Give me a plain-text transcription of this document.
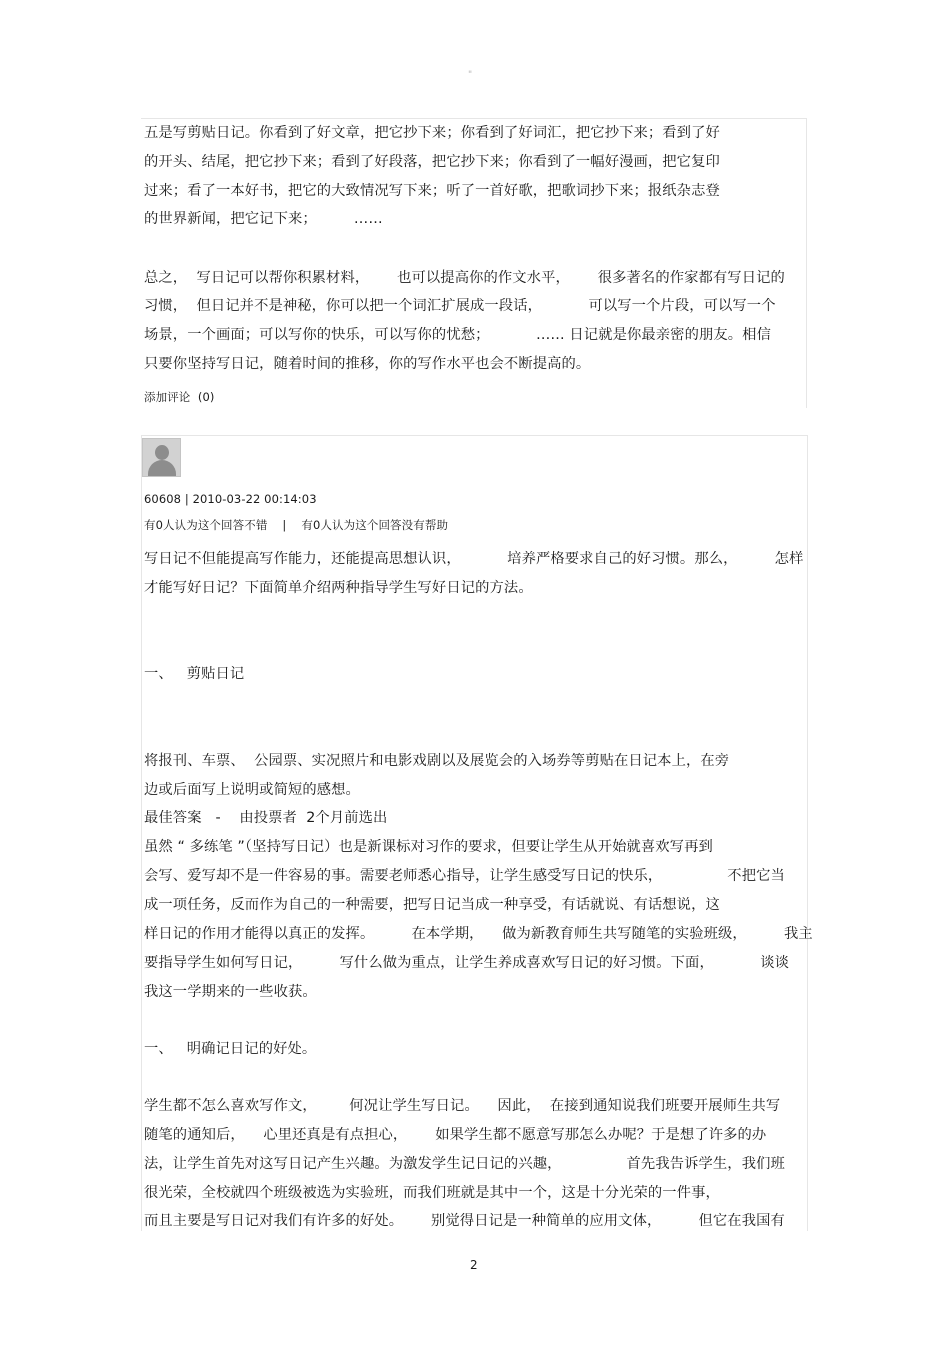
"
五是写剪贴日记。你看到了好文章，把它抄下来；你看到了好词汇，把它抄下来；看到了好
的开头、结尾，把它抄下来；看到了好段落，把它抄下来；你看到了一幅好漫画，把它复印
过来；看了一本好书，把它的大致情况写下来；听了一首好歌，把歌词抄下来；报纸杂志登
的世界新闻，把它记下来；        ……
总之，  写日记可以帮你积累材料，      也可以提高你的作文水平，      很多著名的作家都有写日记的
习惯，  但日记并不是神秘，你可以把一个词汇扩展成一段话，          可以写一个片段，可以写一个
场景，一个画面；可以写你的快乐，可以写你的忧愁；          …… 日记就是你最亲密的朋友。相信
只要你坚持写日记，随着时间的推移，你的写作水平也会不断提高的。
添加评论  (0)
60608 | 2010-03-22 00:14:03
有0人认为这个回答不错    |    有0人认为这个回答没有帮助
写日记不但能提高写作能力，还能提高思想认识，          培养严格要求自己的好习惯。那么，        怎样
才能写好日记？下面简单介绍两种指导学生写好日记的方法。
一、   剪贴日记
将报刊、车票、  公园票、实况照片和电影戏剧以及展览会的入场券等剪贴在日记本上，在旁
边或后面写上说明或简短的感想。
最佳答案   -    由投票者  2个月前选出
虽然 “ 多练笔 ”（坚持写日记）也是新课标对习作的要求，但要让学生从开始就喜欢写再到
会写、爱写却不是一件容易的事。需要老师悉心指导，让学生感受写日记的快乐，              不把它当
成一项任务，反而作为自己的一种需要，把写日记当成一种享受，有话就说、有话想说，这
样日记的作用才能得以真正的发挥。        在本学期，    做为新教育师生共写随笔的实验班级，        我主
要指导学生如何写日记，        写什么做为重点，让学生养成喜欢写日记的好习惯。下面，          谈谈
我这一学期来的一些收获。
一、   明确记日记的好处。
学生都不怎么喜欢写作文，       何况让学生写日记。    因此，  在接到通知说我们班要开展师生共写
随笔的通知后，    心里还真是有点担心，      如果学生都不愿意写那怎么办呢？于是想了许多的办
法，让学生首先对这写日记产生兴趣。为激发学生记日记的兴趣，              首先我告诉学生，我们班
很光荣，全校就四个班级被选为实验班，而我们班就是其中一个，这是十分光荣的一件事，
而且主要是写日记对我们有许多的好处。      别觉得日记是一种简单的应用文体，        但它在我国有
2
